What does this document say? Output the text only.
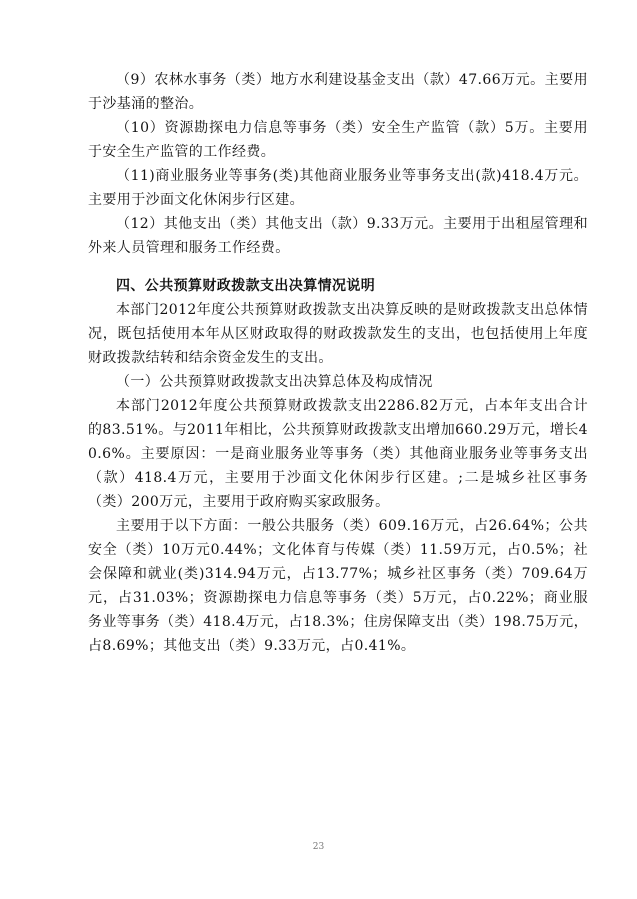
（9）农林水事务（类）地方水利建设基金支出（款）47.66万元。主要用于沙基涌的整治。

（10）资源勘探电力信息等事务（类）安全生产监管（款）5万。主要用于安全生产监管的工作经费。

（11)商业服务业等事务(类)其他商业服务业等事务支出(款)418.4万元。主要用于沙面文化休闲步行区建。

（12）其他支出（类）其他支出（款）9.33万元。主要用于出租屋管理和外来人员管理和服务工作经费。

四、公共预算财政拨款支出决算情况说明

本部门2012年度公共预算财政拨款支出决算反映的是财政拨款支出总体情况，既包括使用本年从区财政取得的财政拨款发生的支出，也包括使用上年度财政拨款结转和结余资金发生的支出。

（一）公共预算财政拨款支出决算总体及构成情况

本部门2012年度公共预算财政拨款支出2286.82万元，占本年支出合计的83.51%。与2011年相比，公共预算财政拨款支出增加660.29万元，增长40.6%。主要原因：一是商业服务业等事务（类）其他商业服务业等事务支出（款）418.4万元，主要用于沙面文化休闲步行区建。;二是城乡社区事务（类）200万元，主要用于政府购买家政服务。

主要用于以下方面：一般公共服务（类）609.16万元，占26.64%；公共安全（类）10万元0.44%；文化体育与传媒（类）11.59万元，占0.5%；社会保障和就业(类)314.94万元，占13.77%；城乡社区事务（类）709.64万元，占31.03%；资源勘探电力信息等事务（类）5万元，占0.22%；商业服务业等事务（类）418.4万元，占18.3%；住房保障支出（类）198.75万元，占8.69%；其他支出（类）9.33万元，占0.41%。

23
